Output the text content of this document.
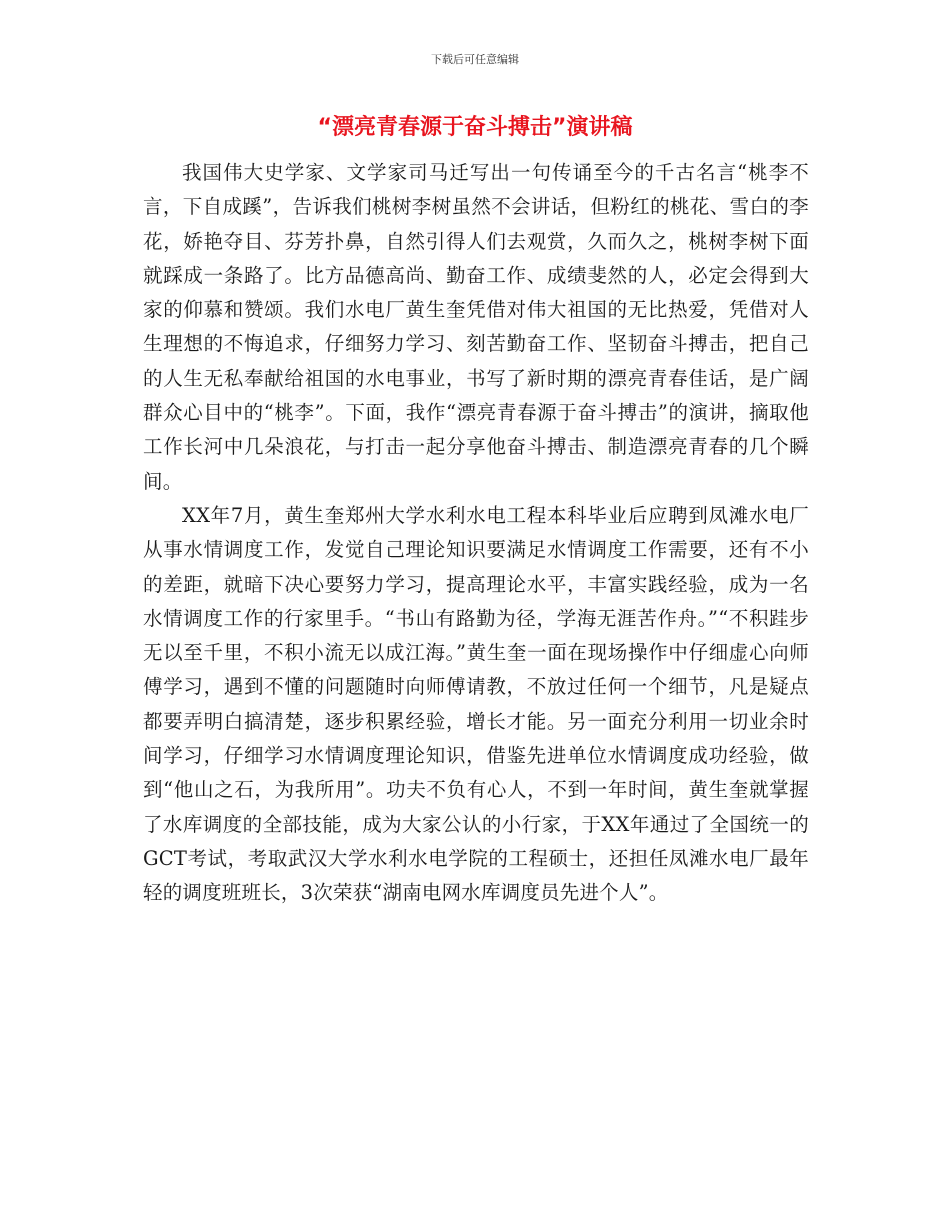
下载后可任意编辑
“漂亮青春源于奋斗搏击”演讲稿

我国伟大史学家、文学家司马迁写出一句传诵至今的千古名言“桃李不言，下自成蹊”，告诉我们桃树李树虽然不会讲话，但粉红的桃花、雪白的李花，娇艳夺目、芬芳扑鼻，自然引得人们去观赏，久而久之，桃树李树下面就踩成一条路了。比方品德高尚、勤奋工作、成绩斐然的人，必定会得到大家的仰慕和赞颂。我们水电厂黄生奎凭借对伟大祖国的无比热爱，凭借对人生理想的不悔追求，仔细努力学习、刻苦勤奋工作、坚韧奋斗搏击，把自己的人生无私奉献给祖国的水电事业，书写了新时期的漂亮青春佳话，是广阔群众心目中的“桃李”。下面，我作“漂亮青春源于奋斗搏击”的演讲，摘取他工作长河中几朵浪花，与打击一起分享他奋斗搏击、制造漂亮青春的几个瞬间。

XX年7月，黄生奎郑州大学水利水电工程本科毕业后应聘到凤滩水电厂从事水情调度工作，发觉自己理论知识要满足水情调度工作需要，还有不小的差距，就暗下决心要努力学习，提高理论水平，丰富实践经验，成为一名水情调度工作的行家里手。“书山有路勤为径，学海无涯苦作舟。”“不积跬步无以至千里，不积小流无以成江海。”黄生奎一面在现场操作中仔细虚心向师傅学习，遇到不懂的问题随时向师傅请教，不放过任何一个细节，凡是疑点都要弄明白搞清楚，逐步积累经验，增长才能。另一面充分利用一切业余时间学习，仔细学习水情调度理论知识，借鉴先进单位水情调度成功经验，做到“他山之石，为我所用”。功夫不负有心人，不到一年时间，黄生奎就掌握了水库调度的全部技能，成为大家公认的小行家，于XX年通过了全国统一的GCT考试，考取武汉大学水利水电学院的工程硕士，还担任凤滩水电厂最年轻的调度班班长，3次荣获“湖南电网水库调度员先进个人”。
